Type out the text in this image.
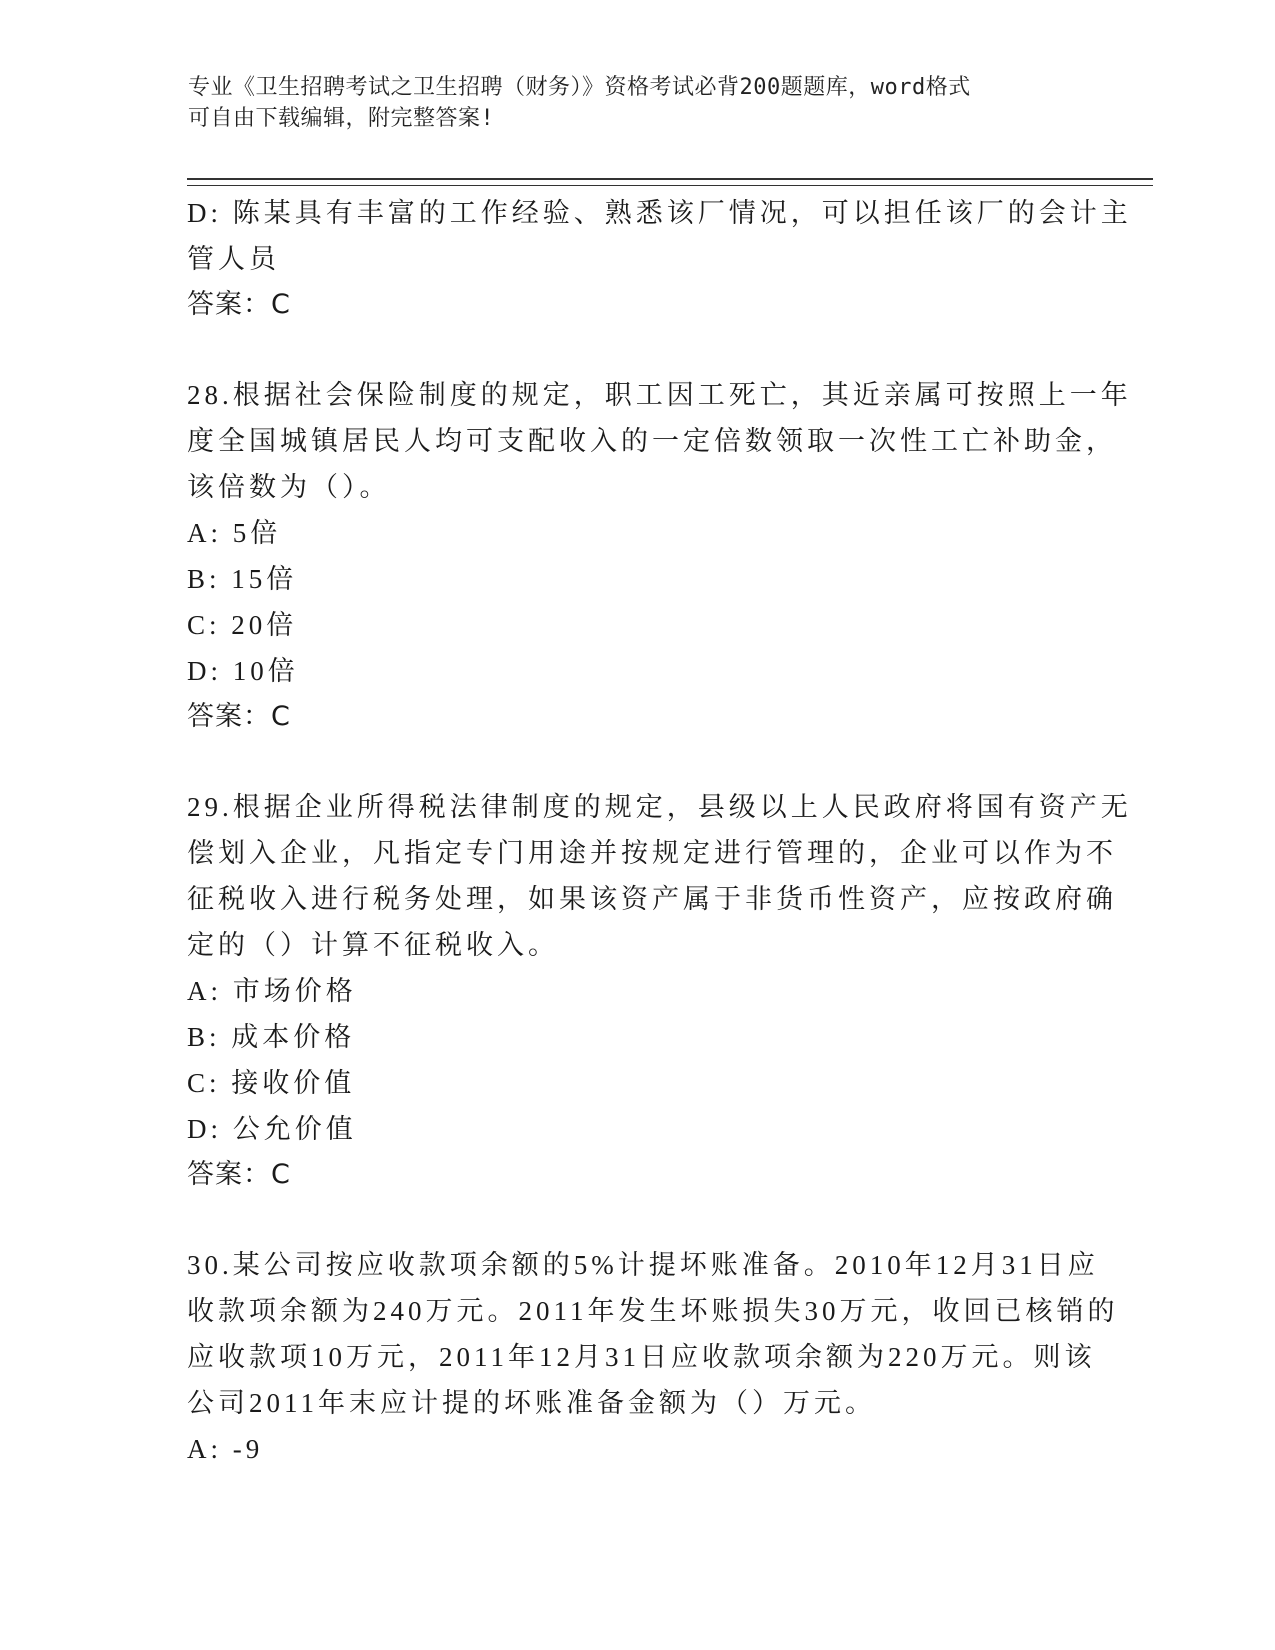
专业《卫生招聘考试之卫生招聘（财务）》资格考试必背200题题库，word格式
可自由下载编辑，附完整答案!
D: 陈某具有丰富的工作经验、熟悉该厂情况，可以担任该厂的会计主
管人员
答案：C
28.根据社会保险制度的规定，职工因工死亡，其近亲属可按照上一年
度全国城镇居民人均可支配收入的一定倍数领取一次性工亡补助金，
该倍数为（）。
A: 5倍
B: 15倍
C: 20倍
D: 10倍
答案：C
29.根据企业所得税法律制度的规定，县级以上人民政府将国有资产无
偿划入企业，凡指定专门用途并按规定进行管理的，企业可以作为不
征税收入进行税务处理，如果该资产属于非货币性资产，应按政府确
定的（）计算不征税收入。
A: 市场价格
B: 成本价格
C: 接收价值
D: 公允价值
答案：C
30.某公司按应收款项余额的5%计提坏账准备。2010年12月31日应
收款项余额为240万元。2011年发生坏账损失30万元，收回已核销的
应收款项10万元，2011年12月31日应收款项余额为220万元。则该
公司2011年末应计提的坏账准备金额为（）万元。
A: -9
